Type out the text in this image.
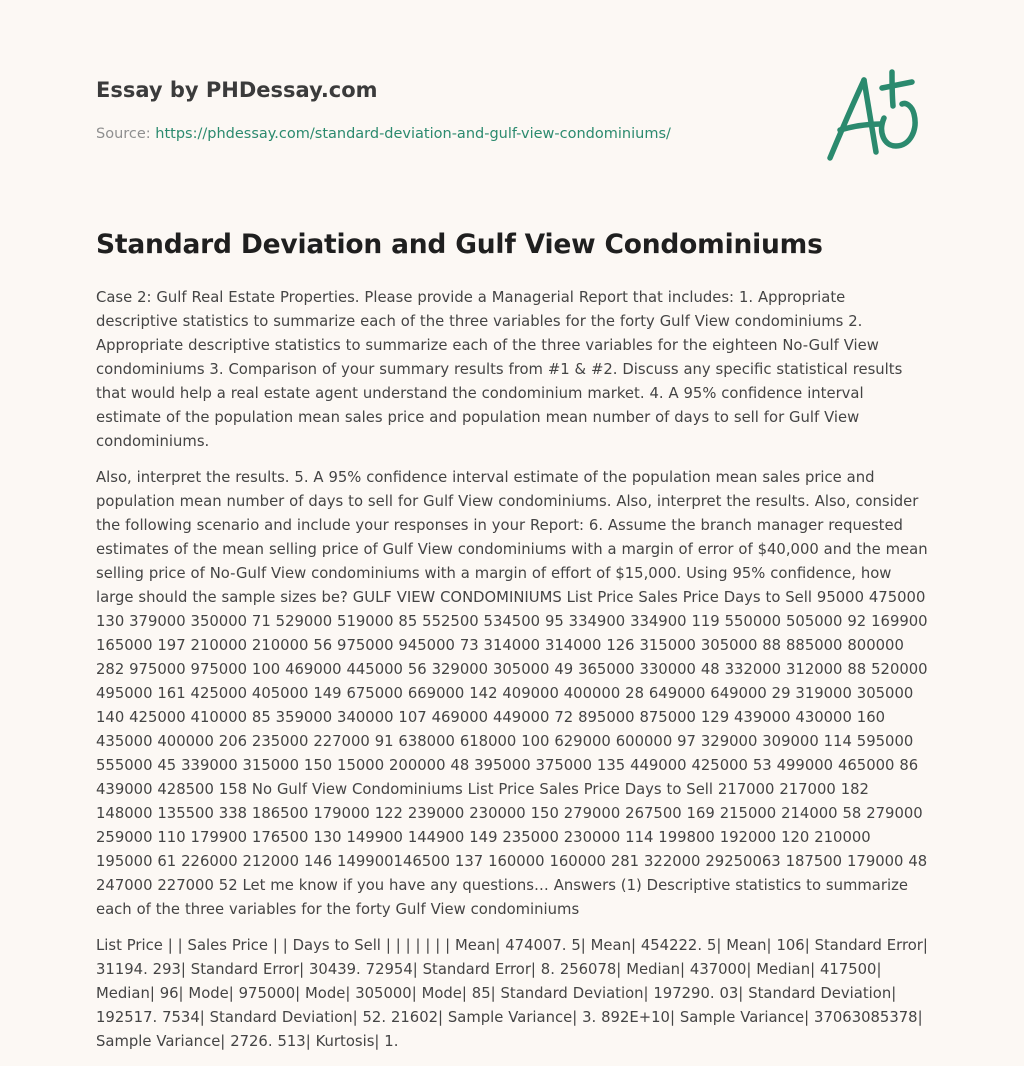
Essay by PHDessay.com
Source: https://phdessay.com/standard-deviation-and-gulf-view-condominiums/
Standard Deviation and Gulf View Condominiums

Case 2: Gulf Real Estate Properties. Please provide a Managerial Report that includes: 1. Appropriate descriptive statistics to summarize each of the three variables for the forty Gulf View condominiums 2. Appropriate descriptive statistics to summarize each of the three variables for the eighteen No-Gulf View condominiums 3. Comparison of your summary results from #1 & #2. Discuss any specific statistical results that would help a real estate agent understand the condominium market. 4. A 95% confidence interval estimate of the population mean sales price and population mean number of days to sell for Gulf View condominiums.

Also, interpret the results. 5. A 95% confidence interval estimate of the population mean sales price and population mean number of days to sell for Gulf View condominiums. Also, interpret the results. Also, consider the following scenario and include your responses in your Report: 6. Assume the branch manager requested estimates of the mean selling price of Gulf View condominiums with a margin of error of $40,000 and the mean selling price of No-Gulf View condominiums with a margin of effort of $15,000. Using 95% confidence, how large should the sample sizes be? GULF VIEW CONDOMINIUMS List Price Sales Price Days to Sell 95000 475000 130 379000 350000 71 529000 519000 85 552500 534500 95 334900 334900 119 550000 505000 92 169900 165000 197 210000 210000 56 975000 945000 73 314000 314000 126 315000 305000 88 885000 800000 282 975000 975000 100 469000 445000 56 329000 305000 49 365000 330000 48 332000 312000 88 520000 495000 161 425000 405000 149 675000 669000 142 409000 400000 28 649000 649000 29 319000 305000 140 425000 410000 85 359000 340000 107 469000 449000 72 895000 875000 129 439000 430000 160 435000 400000 206 235000 227000 91 638000 618000 100 629000 600000 97 329000 309000 114 595000 555000 45 339000 315000 150 15000 200000 48 395000 375000 135 449000 425000 53 499000 465000 86 439000 428500 158 No Gulf View Condominiums List Price Sales Price Days to Sell 217000 217000 182 148000 135500 338 186500 179000 122 239000 230000 150 279000 267500 169 215000 214000 58 279000 259000 110 179900 176500 130 149900 144900 149 235000 230000 114 199800 192000 120 210000 195000 61 226000 212000 146 149900146500 137 160000 160000 281 322000 29250063 187500 179000 48 247000 227000 52 Let me know if you have any questions… Answers (1) Descriptive statistics to summarize each of the three variables for the forty Gulf View condominiums

List Price | | Sales Price | | Days to Sell | | | | | | | Mean| 474007. 5| Mean| 454222. 5| Mean| 106| Standard Error| 31194. 293| Standard Error| 30439. 72954| Standard Error| 8. 256078| Median| 437000| Median| 417500| Median| 96| Mode| 975000| Mode| 305000| Mode| 85| Standard Deviation| 197290. 03| Standard Deviation| 192517. 7534| Standard Deviation| 52. 21602| Sample Variance| 3. 892E+10| Sample Variance| 37063085378| Sample Variance| 2726. 513| Kurtosis| 1.
